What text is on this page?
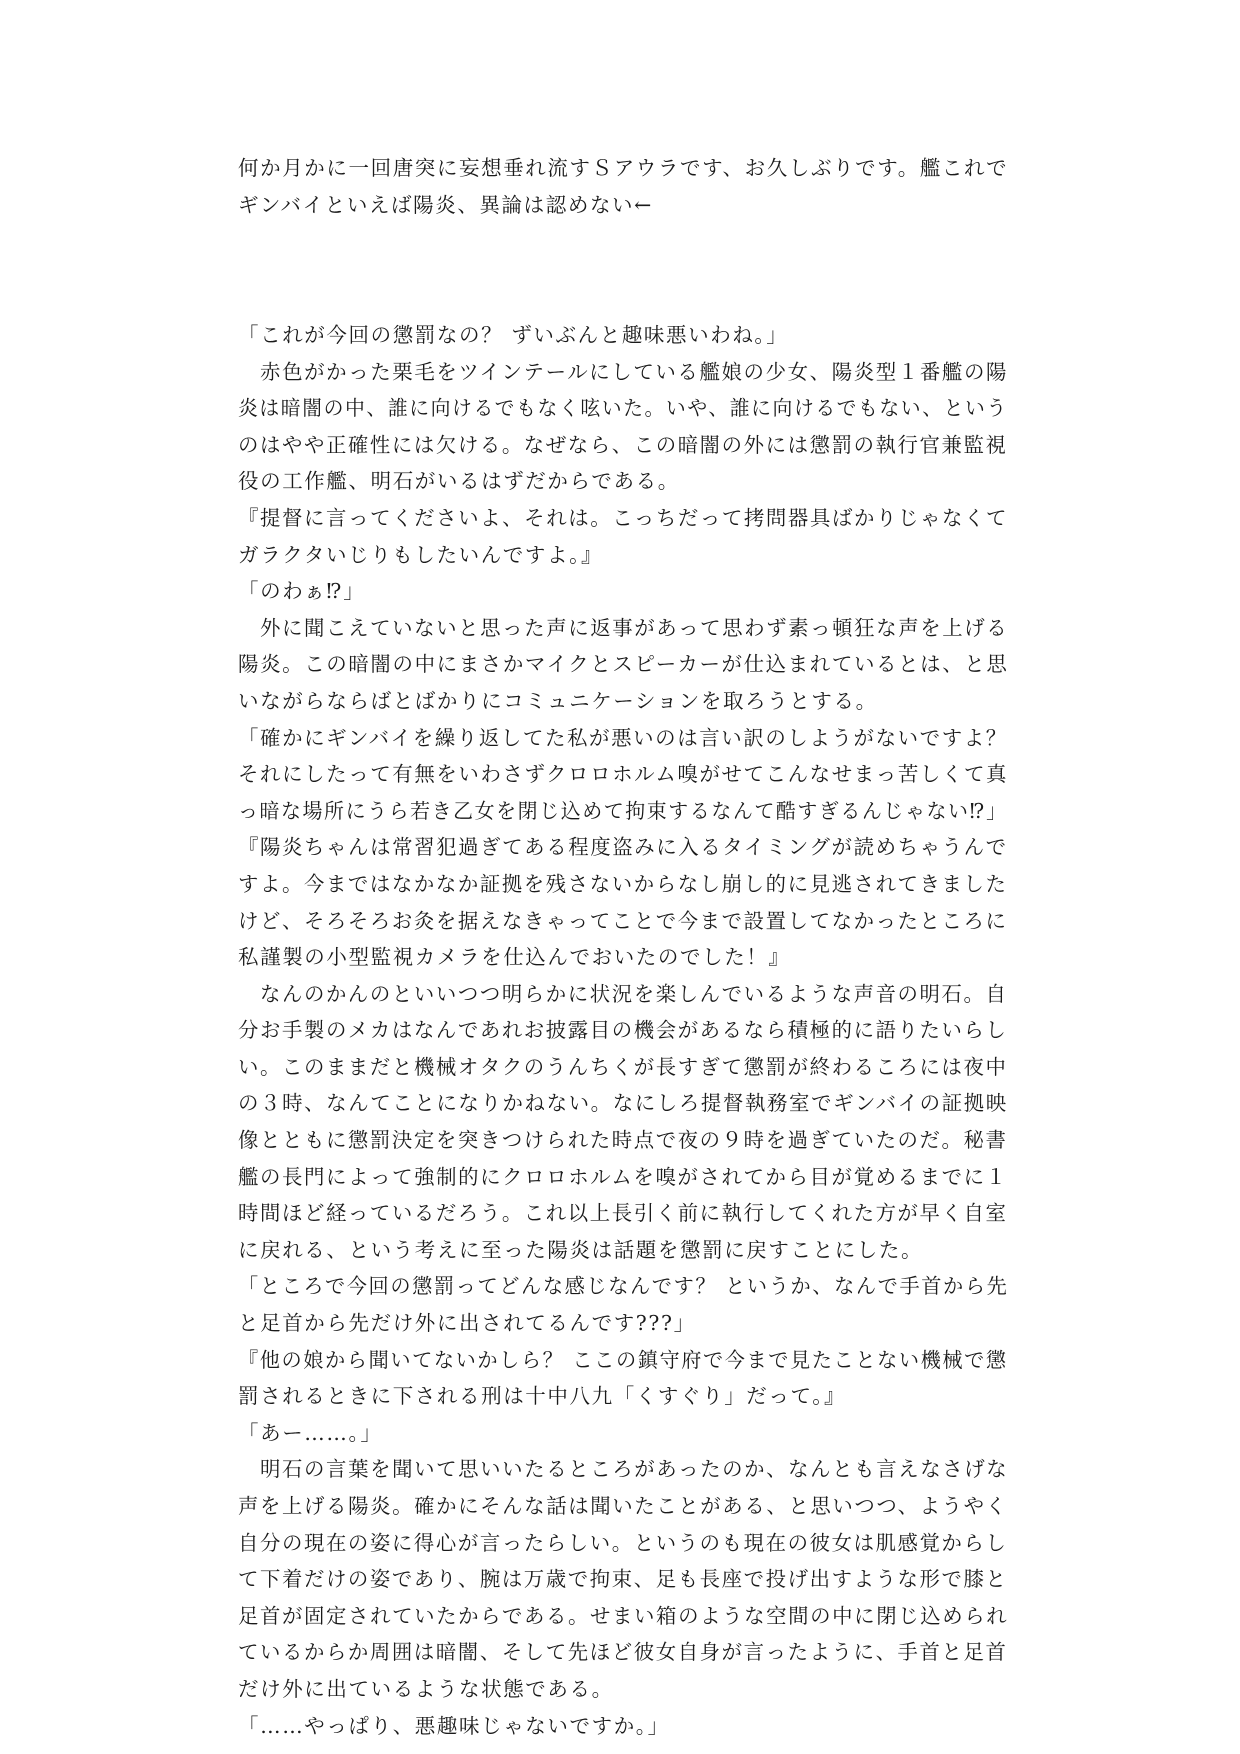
何か月かに一回唐突に妄想垂れ流すＳアウラです、お久しぶりです。艦これで
ギンバイといえば陽炎、異論は認めない←
「これが今回の懲罰なの？ ずいぶんと趣味悪いわね。」
　赤色がかった栗毛をツインテールにしている艦娘の少女、陽炎型１番艦の陽
炎は暗闇の中、誰に向けるでもなく呟いた。いや、誰に向けるでもない、という
のはやや正確性には欠ける。なぜなら、この暗闇の外には懲罰の執行官兼監視
役の工作艦、明石がいるはずだからである。
『提督に言ってくださいよ、それは。こっちだって拷問器具ばかりじゃなくて
ガラクタいじりもしたいんですよ。』
「のわぁ⁉」
　外に聞こえていないと思った声に返事があって思わず素っ頓狂な声を上げる
陽炎。この暗闇の中にまさかマイクとスピーカーが仕込まれているとは、と思
いながらならばとばかりにコミュニケーションを取ろうとする。
「確かにギンバイを繰り返してた私が悪いのは言い訳のしようがないですよ？
それにしたって有無をいわさずクロロホルム嗅がせてこんなせまっ苦しくて真
っ暗な場所にうら若き乙女を閉じ込めて拘束するなんて酷すぎるんじゃない⁉」
『陽炎ちゃんは常習犯過ぎてある程度盗みに入るタイミングが読めちゃうんで
すよ。今まではなかなか証拠を残さないからなし崩し的に見逃されてきました
けど、そろそろお灸を据えなきゃってことで今まで設置してなかったところに
私謹製の小型監視カメラを仕込んでおいたのでした！』
　なんのかんのといいつつ明らかに状況を楽しんでいるような声音の明石。自
分お手製のメカはなんであれお披露目の機会があるなら積極的に語りたいらし
い。このままだと機械オタクのうんちくが長すぎて懲罰が終わるころには夜中
の３時、なんてことになりかねない。なにしろ提督執務室でギンバイの証拠映
像とともに懲罰決定を突きつけられた時点で夜の９時を過ぎていたのだ。秘書
艦の長門によって強制的にクロロホルムを嗅がされてから目が覚めるまでに１
時間ほど経っているだろう。これ以上長引く前に執行してくれた方が早く自室
に戻れる、という考えに至った陽炎は話題を懲罰に戻すことにした。
「ところで今回の懲罰ってどんな感じなんです？ というか、なんで手首から先
と足首から先だけ外に出されてるんです???」
『他の娘から聞いてないかしら？ ここの鎮守府で今まで見たことない機械で懲
罰されるときに下される刑は十中八九「くすぐり」だって。』
「あー……。」
　明石の言葉を聞いて思いいたるところがあったのか、なんとも言えなさげな
声を上げる陽炎。確かにそんな話は聞いたことがある、と思いつつ、ようやく
自分の現在の姿に得心が言ったらしい。というのも現在の彼女は肌感覚からし
て下着だけの姿であり、腕は万歳で拘束、足も長座で投げ出すような形で膝と
足首が固定されていたからである。せまい箱のような空間の中に閉じ込められ
ているからか周囲は暗闇、そして先ほど彼女自身が言ったように、手首と足首
だけ外に出ているような状態である。
「……やっぱり、悪趣味じゃないですか。」
